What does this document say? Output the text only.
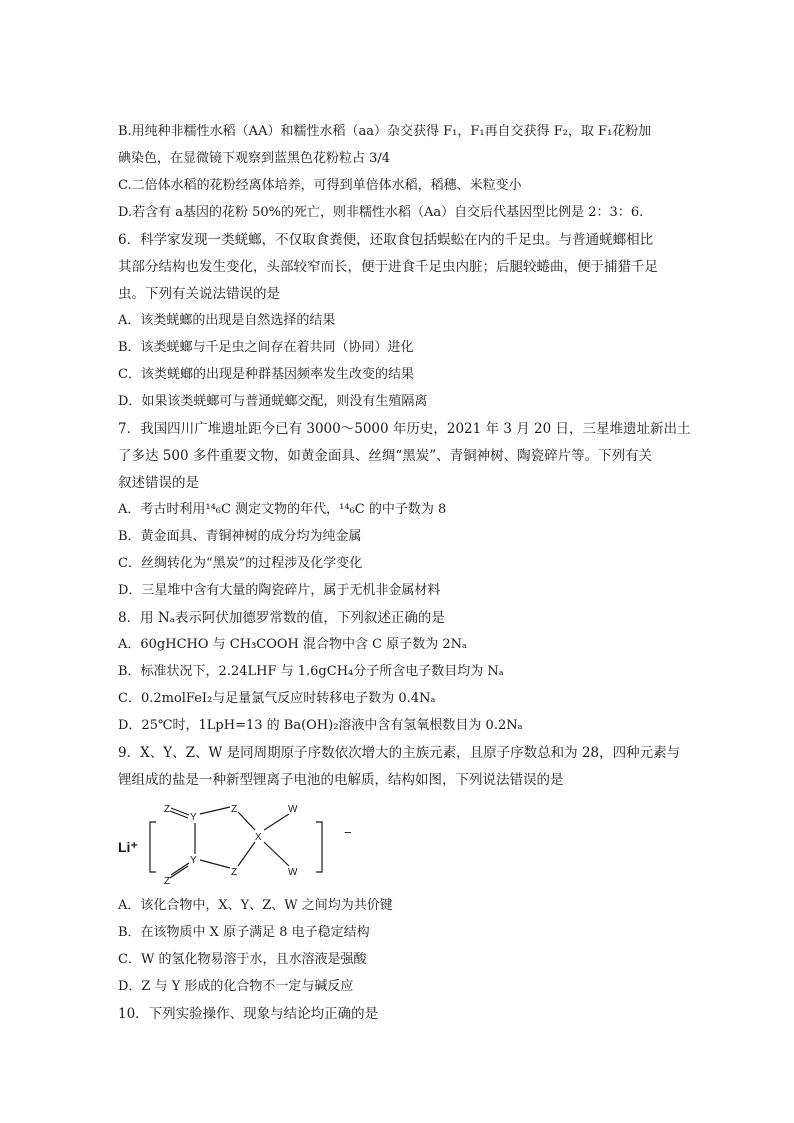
B.用纯种非糯性水稻（AA）和糯性水稻（aa）杂交获得 F₁，F₁再自交获得 F₂，取 F₁花粉加
碘染色，在显微镜下观察到蓝黑色花粉粒占 3/4
C.二倍体水稻的花粉经离体培养，可得到单倍体水稻，稻穗、米粒变小
D.若含有 a基因的花粉 50%的死亡，则非糯性水稻（Aa）自交后代基因型比例是 2：3：6.
6．科学家发现一类蜣螂，不仅取食粪便，还取食包括蜈蚣在内的千足虫。与普通蜣螂相比
其部分结构也发生变化，头部较窄而长，便于进食千足虫内脏；后腿较蜷曲，便于捕猎千足
虫。下列有关说法错误的是
A．该类蜣螂的出现是自然选择的结果
B．该类蜣螂与千足虫之间存在着共同（协同）进化
C．该类蜣螂的出现是种群基因频率发生改变的结果
D．如果该类蜣螂可与普通蜣螂交配，则没有生殖隔离
7．我国四川广堆遗址距今已有 3000～5000 年历史，2021 年 3 月 20 日，三星堆遗址新出土
了多达 500 多件重要文物，如黄金面具、丝绸“黑炭”、青铜神树、陶瓷碎片等。下列有关
叙述错误的是
A．考古时利用¹⁴₆C 测定文物的年代，¹⁴₆C 的中子数为 8
B．黄金面具、青铜神树的成分均为纯金属
C．丝绸转化为“黑炭”的过程涉及化学变化
D．三星堆中含有大量的陶瓷碎片，属于无机非金属材料
8．用 Nₐ表示阿伏加德罗常数的值，下列叙述正确的是
A．60gHCHO 与 CH₃COOH 混合物中含 C 原子数为 2Nₐ
B．标准状况下，2.24LHF 与 1.6gCH₄分子所含电子数目均为 Nₐ
C．0.2molFeI₂与足量氯气反应时转移电子数为 0.4Nₐ
D．25℃时，1LpH=13 的 Ba(OH)₂溶液中含有氢氧根数目为 0.2Nₐ
9．X、Y、Z、W 是同周期原子序数依次增大的主族元素，且原子序数总和为 28，四种元素与
锂组成的盐是一种新型锂离子电池的电解质，结构如图，下列说法错误的是
Li⁺
−
Z
Y
Z
X
W
Y
Z	W
Z
A．该化合物中，X、Y、Z、W 之间均为共价键
B．在该物质中 X 原子满足 8 电子稳定结构
C．W 的氢化物易溶于水，且水溶液是强酸
D．Z 与 Y 形成的化合物不一定与碱反应
10．下列实验操作、现象与结论均正确的是
